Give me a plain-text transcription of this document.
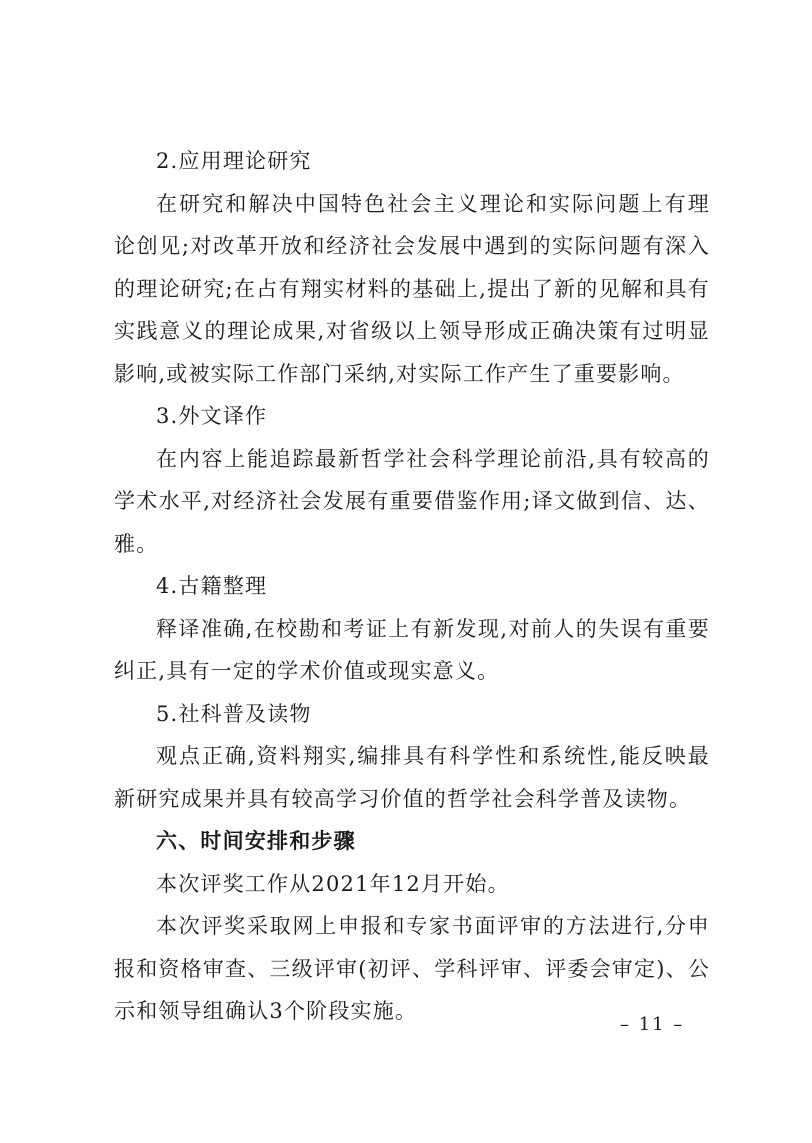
2.应用理论研究

在研究和解决中国特色社会主义理论和实际问题上有理论创见;对改革开放和经济社会发展中遇到的实际问题有深入的理论研究;在占有翔实材料的基础上,提出了新的见解和具有实践意义的理论成果,对省级以上领导形成正确决策有过明显影响,或被实际工作部门采纳,对实际工作产生了重要影响。

3.外文译作

在内容上能追踪最新哲学社会科学理论前沿,具有较高的学术水平,对经济社会发展有重要借鉴作用;译文做到信、达、雅。

4.古籍整理

释译准确,在校勘和考证上有新发现,对前人的失误有重要纠正,具有一定的学术价值或现实意义。

5.社科普及读物

观点正确,资料翔实,编排具有科学性和系统性,能反映最新研究成果并具有较高学习价值的哲学社会科学普及读物。

六、时间安排和步骤

本次评奖工作从2021年12月开始。

本次评奖采取网上申报和专家书面评审的方法进行,分申报和资格审查、三级评审(初评、学科评审、评委会审定)、公示和领导组确认3个阶段实施。

– 11 –
